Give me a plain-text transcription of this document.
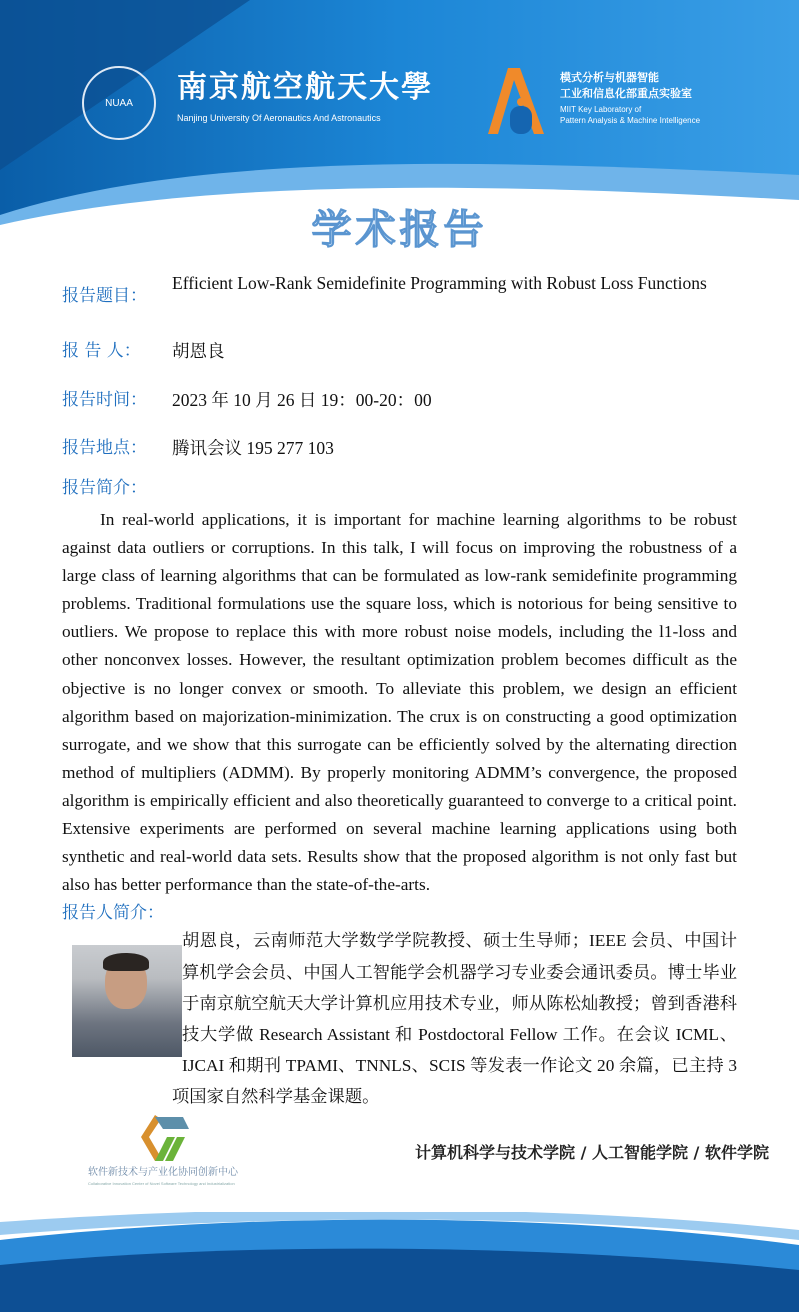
NUAA	南京航空航天大學
Nanjing University Of Aeronautics And Astronautics
模式分析与机器智能
工业和信息化部重点实验室
MIIT Key Laboratory of
Pattern Analysis & Machine Intelligence
学术报告
报告题目：
Efficient Low-Rank Semidefinite Programming with Robust Loss Functions
报 告 人： 胡恩良
报告时间： 2023 年 10 月 26 日 19：00-20：00
报告地点： 腾讯会议 195 277 103
报告简介：
In real-world applications, it is important for machine learning algorithms to be robust against data outliers or corruptions. In this talk, I will focus on improving the robustness of a large class of learning algorithms that can be formulated as low-rank semidefinite programming problems. Traditional formulations use the square loss, which is notorious for being sensitive to outliers. We propose to replace this with more robust noise models, including the l1-loss and other nonconvex losses. However, the resultant optimization problem becomes difficult as the objective is no longer convex or smooth. To alleviate this problem, we design an efficient algorithm based on majorization-minimization. The crux is on constructing a good optimization surrogate, and we show that this surrogate can be efficiently solved by the alternating direction method of multipliers (ADMM). By properly monitoring ADMM’s convergence, the proposed algorithm is empirically efficient and also theoretically guaranteed to converge to a critical point. Extensive experiments are performed on several machine learning applications using both synthetic and real-world data sets. Results show that the proposed algorithm is not only fast but also has better performance than the state-of-the-arts.
报告人简介：
胡恩良，云南师范大学数学学院教授、硕士生导师；IEEE 会员、中国计算机学会会员、中国人工智能学会机器学习专业委会通讯委员。博士毕业于南京航空航天大学计算机应用技术专业，师从陈松灿教授；曾到香港科技大学做 Research Assistant 和 Postdoctoral Fellow 工作。在会议 ICML、IJCAI 和期刊 TPAMI、TNNLS、SCIS 等发表一作论文 20 余篇，已主持 3 项国家自然科学基金课题。
软件新技术与产业化协同创新中心
Collaborative Innovation Center of Novel Software Technology and Industrialization
计算机科学与技术学院 / 人工智能学院 / 软件学院
